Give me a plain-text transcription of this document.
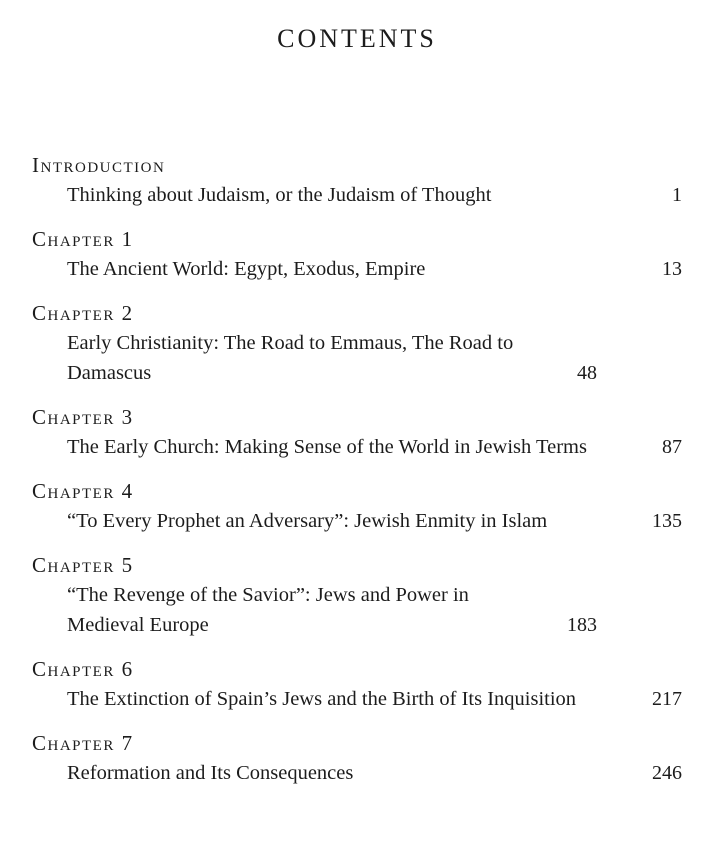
CONTENTS
Introduction
Thinking about Judaism, or the Judaism of Thought	1
Chapter 1
The Ancient World: Egypt, Exodus, Empire	13
Chapter 2
Early Christianity: The Road to Emmaus, The Road to Damascus	48
Chapter 3
The Early Church: Making Sense of the World in Jewish Terms	87
Chapter 4
“To Every Prophet an Adversary”: Jewish Enmity in Islam	135
Chapter 5
“The Revenge of the Savior”: Jews and Power in Medieval Europe	183
Chapter 6
The Extinction of Spain’s Jews and the Birth of Its Inquisition	217
Chapter 7
Reformation and Its Consequences	246
